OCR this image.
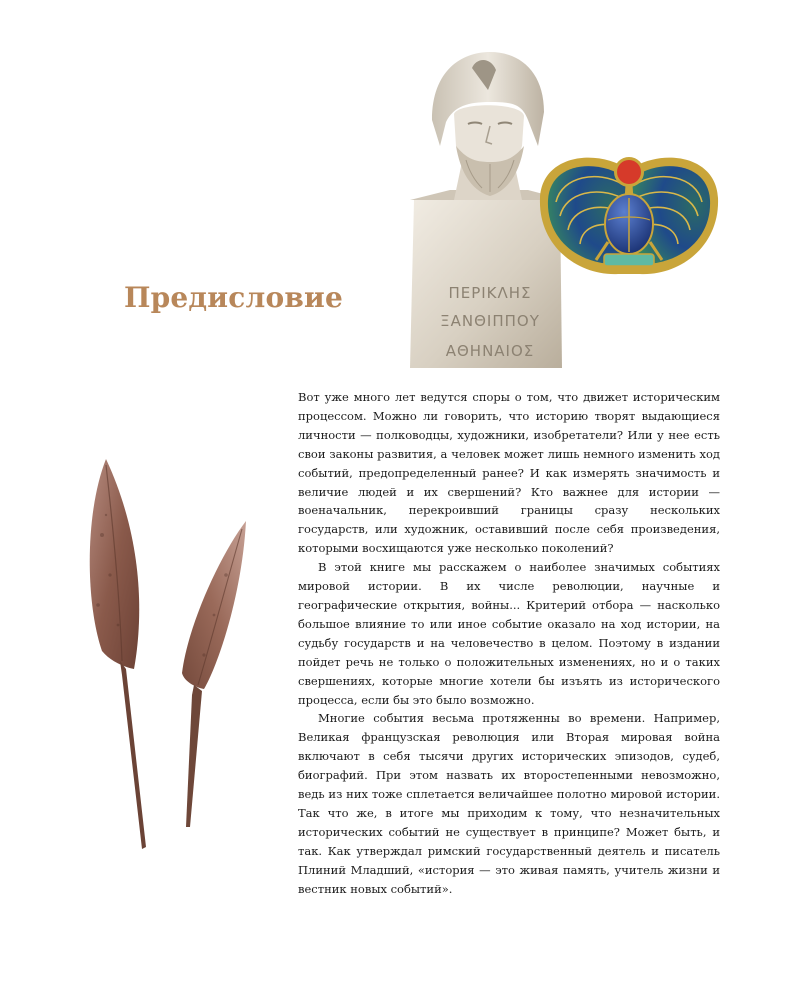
Предисловие	ΠΕΡΙΚΛΗΣ
ΞΑΝΘΙΠΠΟΥ
ΑΘΗΝΑΙΟΣ

Вот уже много лет ведутся споры о том, что движет историческим процессом. Можно ли говорить, что историю творят выдающиеся личности — полководцы, художники, изобретатели? Или у нее есть свои законы развития, а человек может лишь немного изменить ход событий, предопределенный ранее? И как измерять значимость и величие людей и их свершений? Кто важнее для истории — военачальник, перекроивший границы сразу нескольких государств, или художник, оставивший после себя произведения, которыми восхищаются уже несколько поколений?

В этой книге мы расскажем о наиболее значимых событиях мировой истории. В их числе революции, научные и географические открытия, войны... Критерий отбора — насколько большое влияние то или иное событие оказало на ход истории, на судьбу государств и на человечество в целом. Поэтому в издании пойдет речь не только о положительных изменениях, но и о таких свершениях, которые многие хотели бы изъять из исторического процесса, если бы это было возможно.

Многие события весьма протяженны во времени. Например, Великая французская революция или Вторая мировая война включают в себя тысячи других исторических эпизодов, судеб, биографий. При этом назвать их второстепенными невозможно, ведь из них тоже сплетается величайшее полотно мировой истории. Так что же, в итоге мы приходим к тому, что незначительных исторических событий не существует в принципе? Может быть, и так. Как утверждал римский государственный деятель и писатель Плиний Младший, «история — это живая память, учитель жизни и вестник новых событий».
